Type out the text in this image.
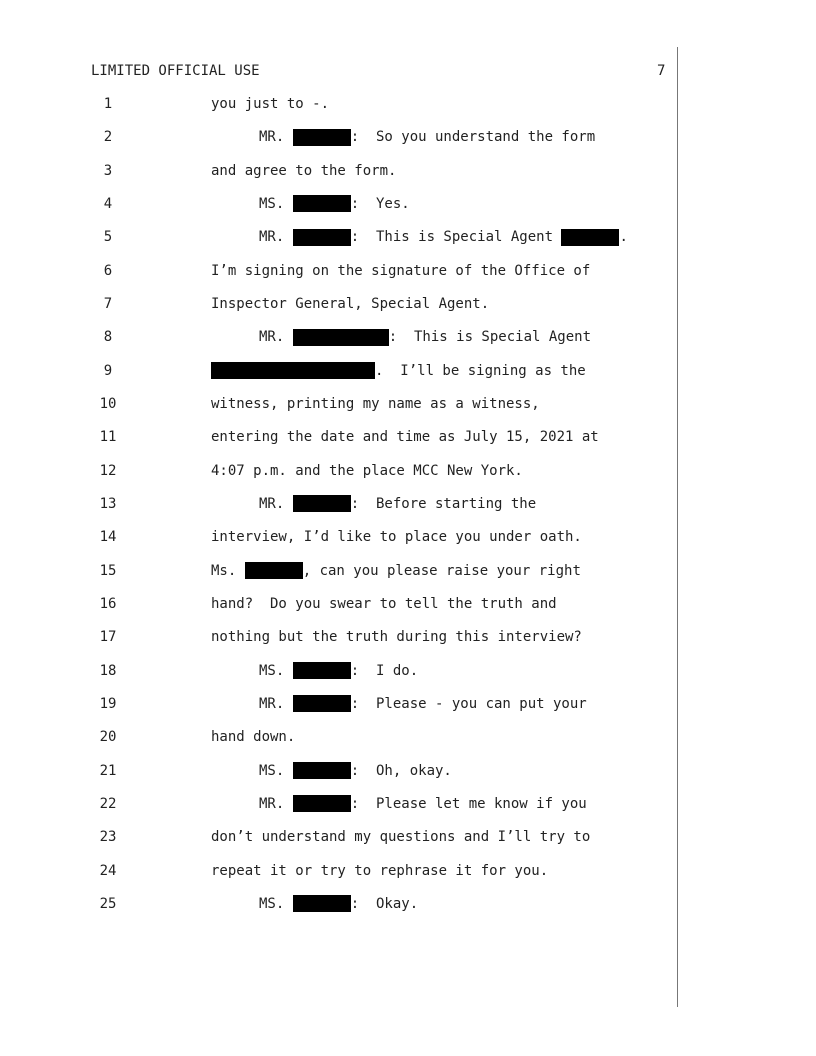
LIMITED OFFICIAL USE	7
1	you just to -.
2	MR.	:  So you understand the form
3	and agree to the form.
4	MS.	:  Yes.
5	MR.	:  This is Special Agent	.
6	I’m signing on the signature of the Office of
7	Inspector General, Special Agent.
8	MR.	:  This is Special Agent
9	.  I’ll be signing as the
10	witness, printing my name as a witness,
11	entering the date and time as July 15, 2021 at
12	4:07 p.m. and the place MCC New York.
13	MR.	:  Before starting the
14	interview, I’d like to place you under oath.
15	Ms.	, can you please raise your right
16	hand?  Do you swear to tell the truth and
17	nothing but the truth during this interview?
18	MS.	:  I do.
19	MR.	:  Please - you can put your
20	hand down.
21	MS.	:  Oh, okay.
22	MR.	:  Please let me know if you
23	don’t understand my questions and I’ll try to
24	repeat it or try to rephrase it for you.
25	MS.	:  Okay.
